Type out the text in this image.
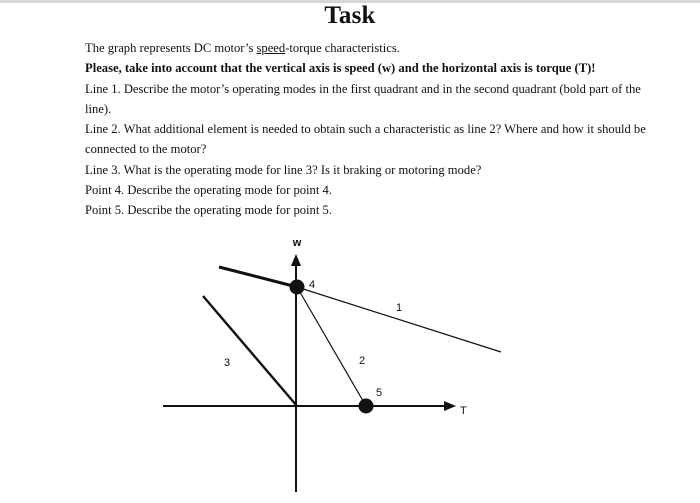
Task

The graph represents DC motor’s speed-torque characteristics.

Please, take into account that the vertical axis is speed (w) and the horizontal axis is torque (T)!

Line 1. Describe the motor’s operating modes in the first quadrant and in the second quadrant (bold part of the line).

Line 2. What additional element is needed to obtain such a characteristic as line 2? Where and how it should be connected to the motor?

Line 3. What is the operating mode for line 3? Is it braking or motoring mode?

Point 4. Describe the operating mode for point 4.

Point 5. Describe the operating mode for point 5.

w
T
1
2
3
4
5
